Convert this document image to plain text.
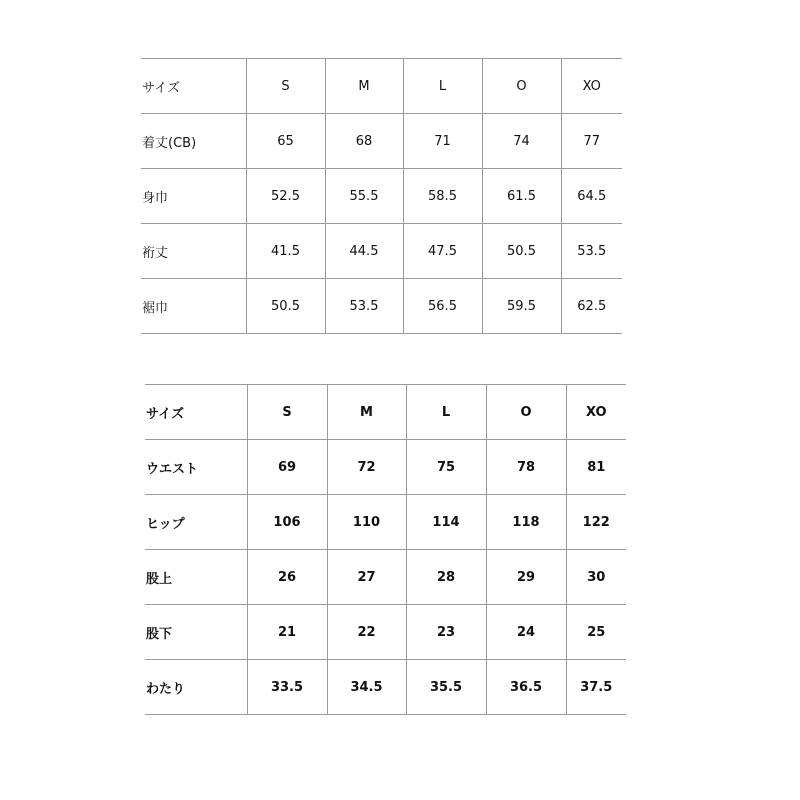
サイズ	S	M	L	O	XO
着丈(CB)	65	68	71	74	77
身巾	52.5	55.5	58.5	61.5	64.5
裄丈	41.5	44.5	47.5	50.5	53.5
裾巾	50.5	53.5	56.5	59.5	62.5
サイズ	S	M	L	O	XO
ウエスト	69	72	75	78	81
ヒップ	106	110	114	118	122
股上	26	27	28	29	30
股下	21	22	23	24	25
わたり	33.5	34.5	35.5	36.5	37.5
